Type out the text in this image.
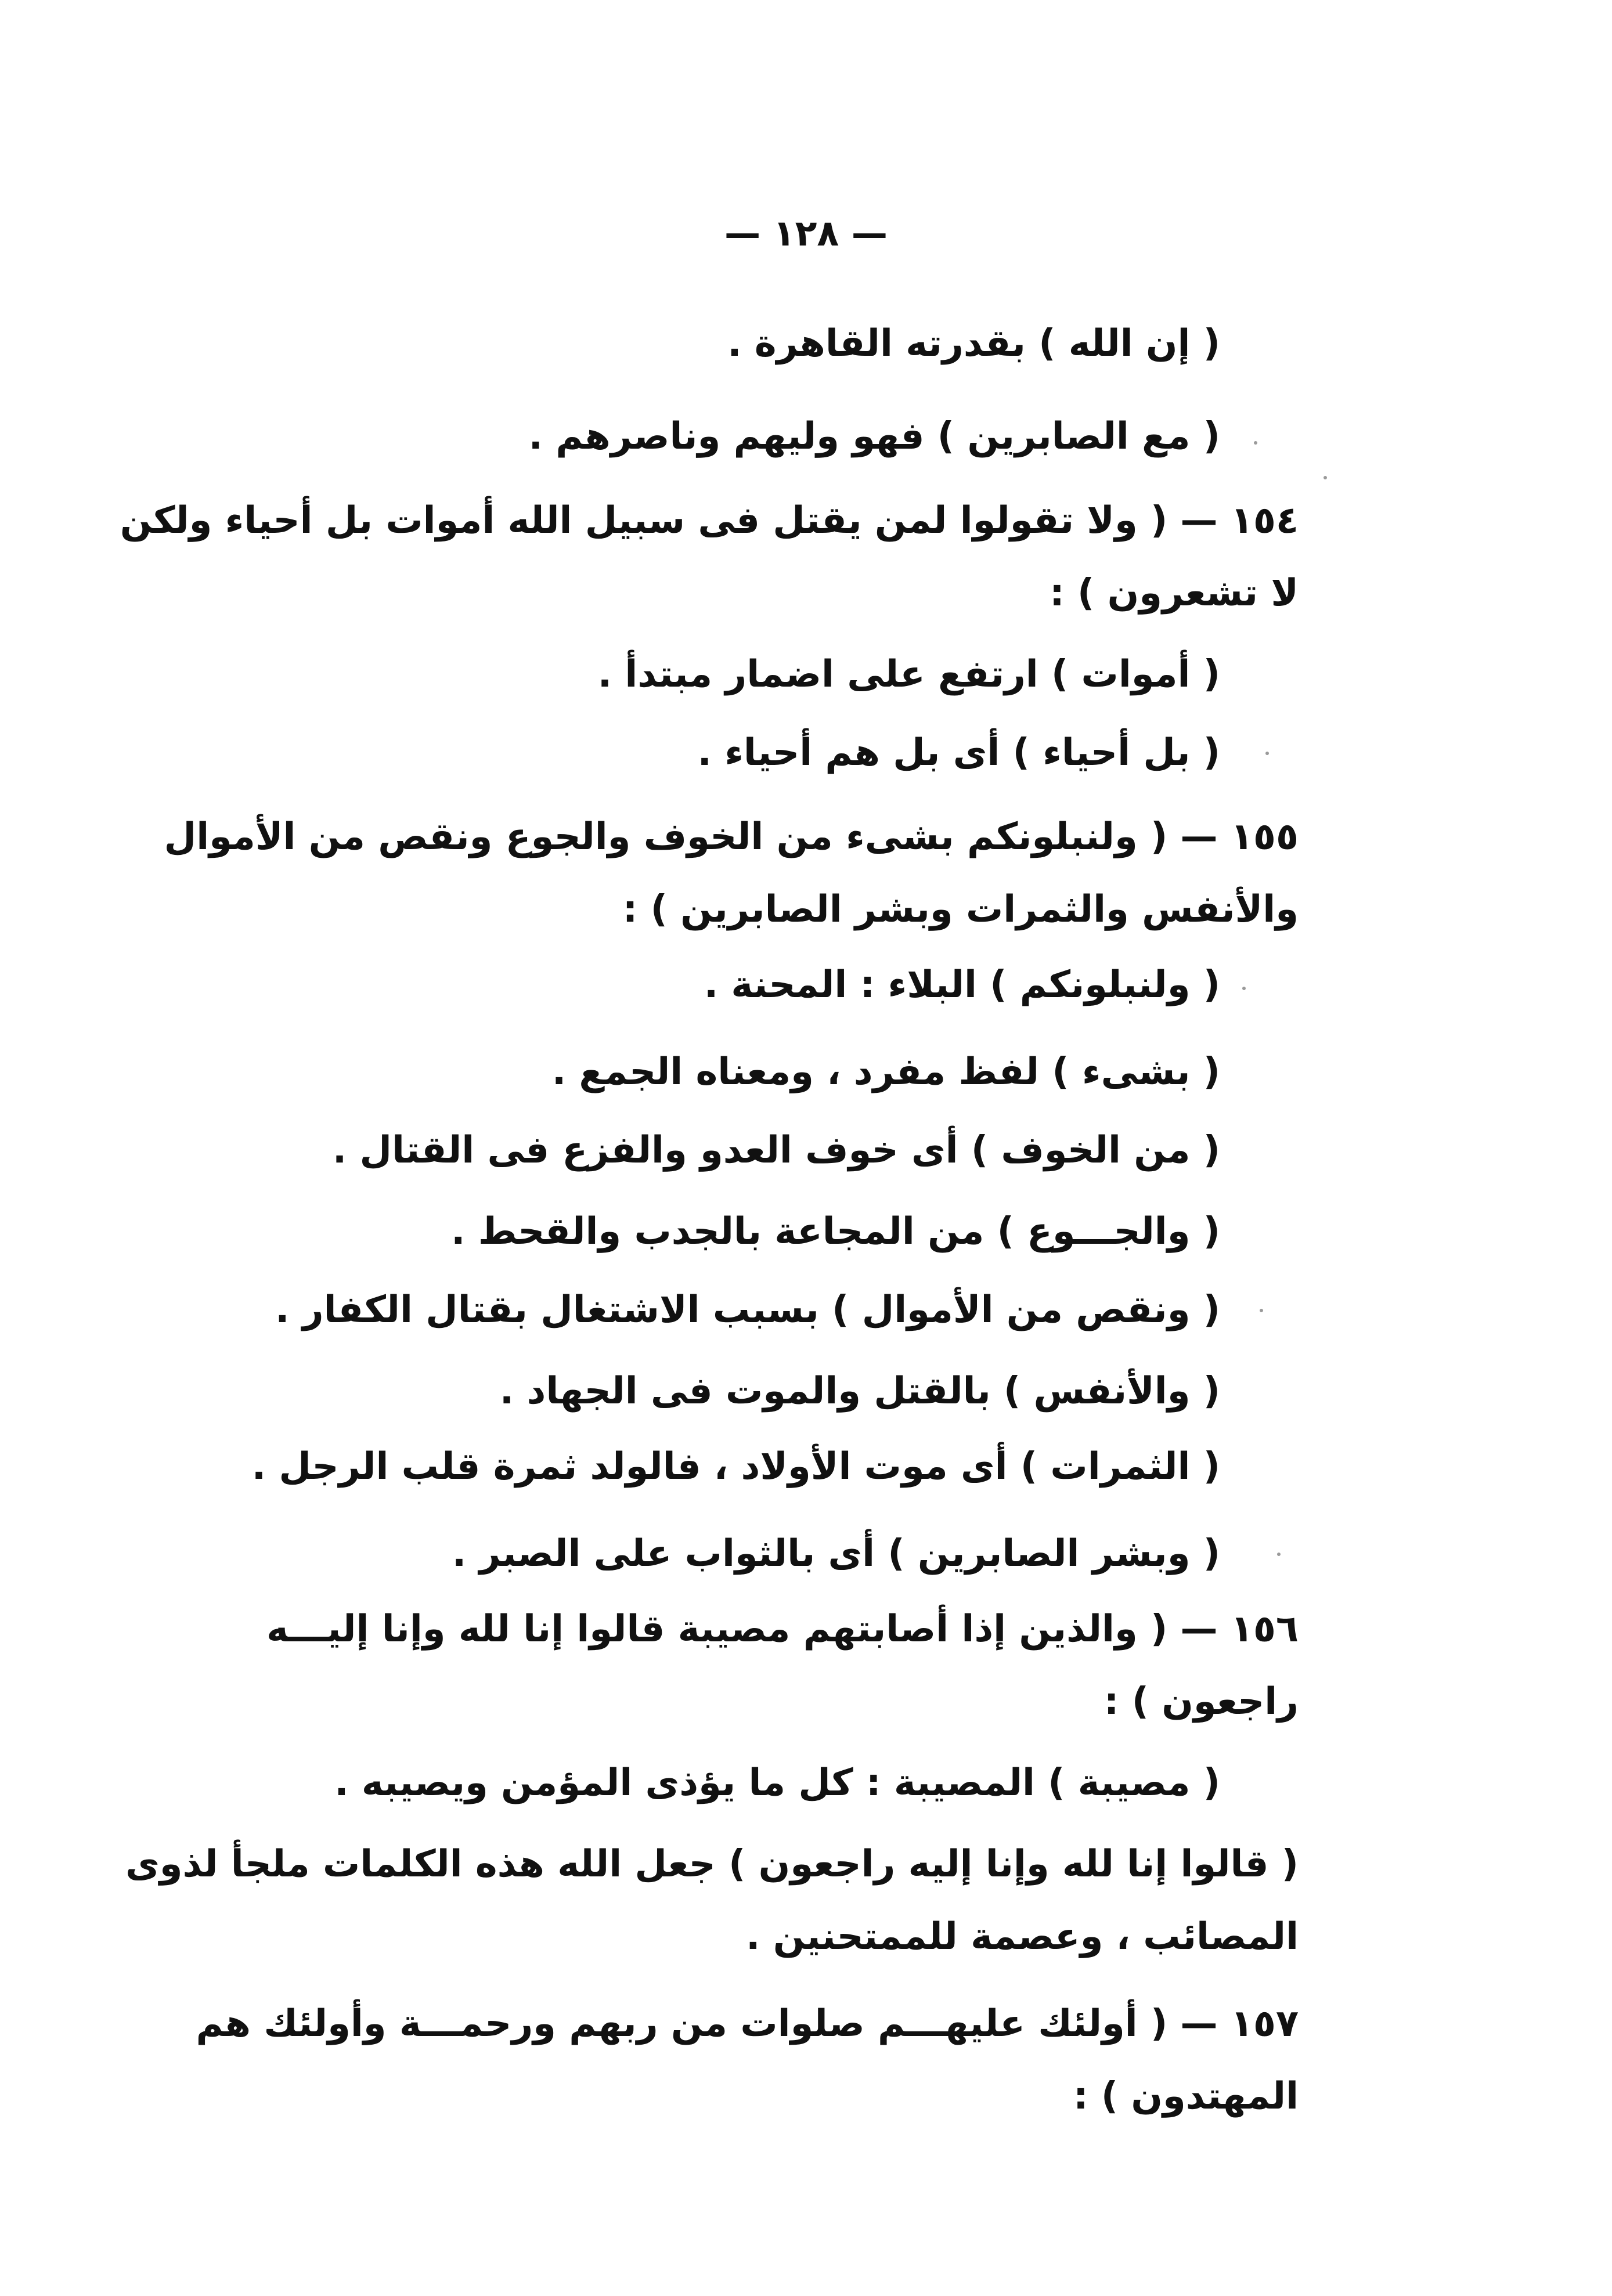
— ١٢٨ —
( إن الله ) بقدرته القاهرة .
( مع الصابرين ) فهو وليهم وناصرهم .
١٥٤ — ( ولا تقولوا لمن يقتل فى سبيل الله أموات بل أحياء ولكن
لا تشعرون ) :
( أموات ) ارتفع على اضمار مبتدأ .
( بل أحياء ) أى بل هم أحياء .
١٥٥ — ( ولنبلونكم بشىء من الخوف والجوع ونقص من الأموال
والأنفس والثمرات وبشر الصابرين ) :
( ولنبلونكم ) البلاء : المحنة .
( بشىء ) لفظ مفرد ، ومعناه الجمع .
( من الخوف ) أى خوف العدو والفزع فى القتال .
( والجـــوع ) من المجاعة بالجدب والقحط .
( ونقص من الأموال ) بسبب الاشتغال بقتال الكفار .
( والأنفس ) بالقتل والموت فى الجهاد .
( الثمرات ) أى موت الأولاد ، فالولد ثمرة قلب الرجل .
( وبشر الصابرين ) أى بالثواب على الصبر .
١٥٦ — ( والذين إذا أصابتهم مصيبة قالوا إنا لله وإنا إليـــه
راجعون ) :
( مصيبة ) المصيبة : كل ما يؤذى المؤمن ويصيبه .
( قالوا إنا لله وإنا إليه راجعون ) جعل الله هذه الكلمات ملجأ لذوى
المصائب ، وعصمة للممتحنين .
١٥٧ — ( أولئك عليهـــم صلوات من ربهم ورحمـــة وأولئك هم
المهتدون ) :
